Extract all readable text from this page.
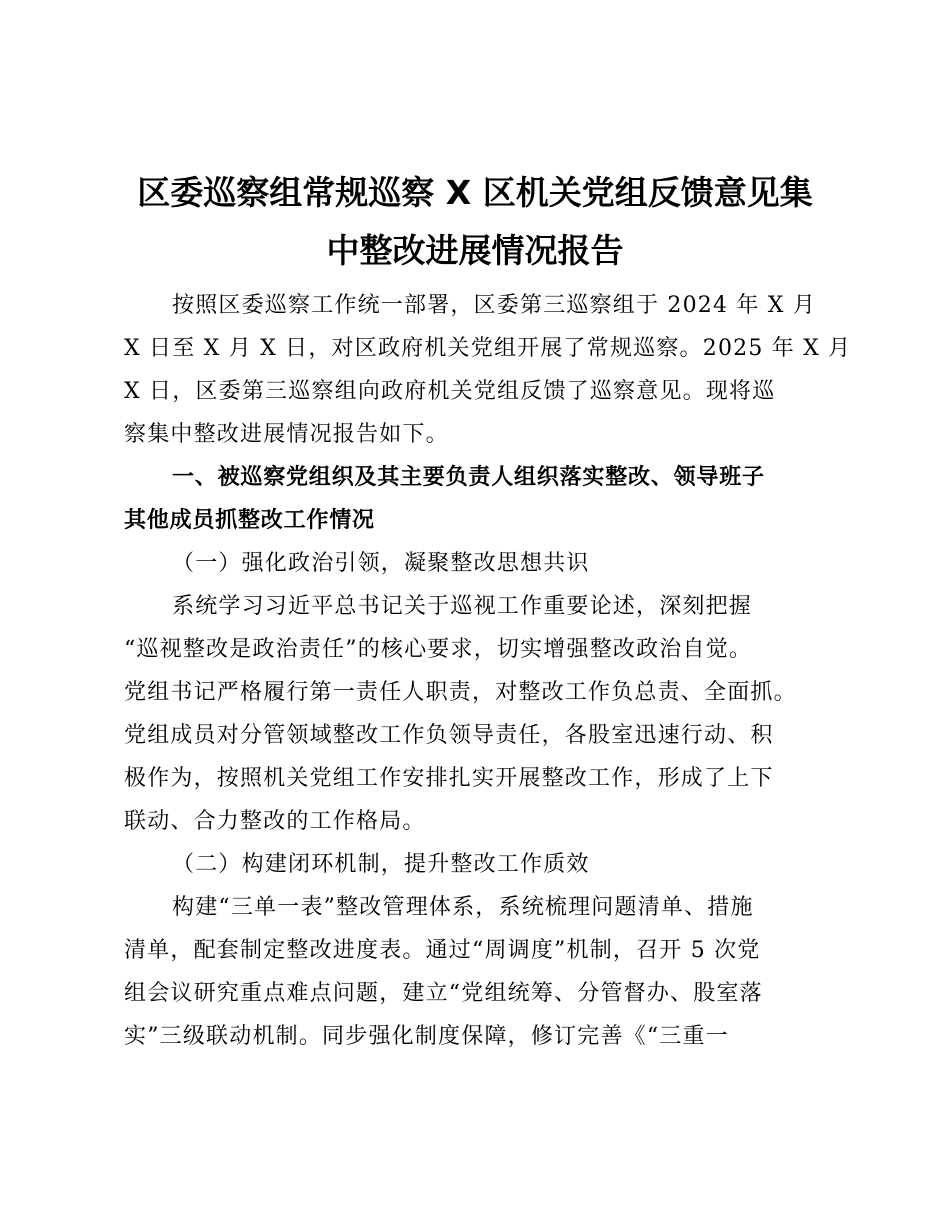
区委巡察组常规巡察 X 区机关党组反馈意见集
中整改进展情况报告
按照区委巡察工作统一部署，区委第三巡察组于 2024 年 X 月
X 日至 X 月 X 日，对区政府机关党组开展了常规巡察。2025 年 X 月
X 日，区委第三巡察组向政府机关党组反馈了巡察意见。现将巡
察集中整改进展情况报告如下。
一、被巡察党组织及其主要负责人组织落实整改、领导班子
其他成员抓整改工作情况
（一）强化政治引领，凝聚整改思想共识
系统学习习近平总书记关于巡视工作重要论述，深刻把握
“巡视整改是政治责任”的核心要求，切实增强整改政治自觉。
党组书记严格履行第一责任人职责，对整改工作负总责、全面抓。
党组成员对分管领域整改工作负领导责任，各股室迅速行动、积
极作为，按照机关党组工作安排扎实开展整改工作，形成了上下
联动、合力整改的工作格局。
（二）构建闭环机制，提升整改工作质效
构建“三单一表”整改管理体系，系统梳理问题清单、措施
清单，配套制定整改进度表。通过“周调度”机制，召开 5 次党
组会议研究重点难点问题，建立“党组统筹、分管督办、股室落
实”三级联动机制。同步强化制度保障，修订完善《“三重一
